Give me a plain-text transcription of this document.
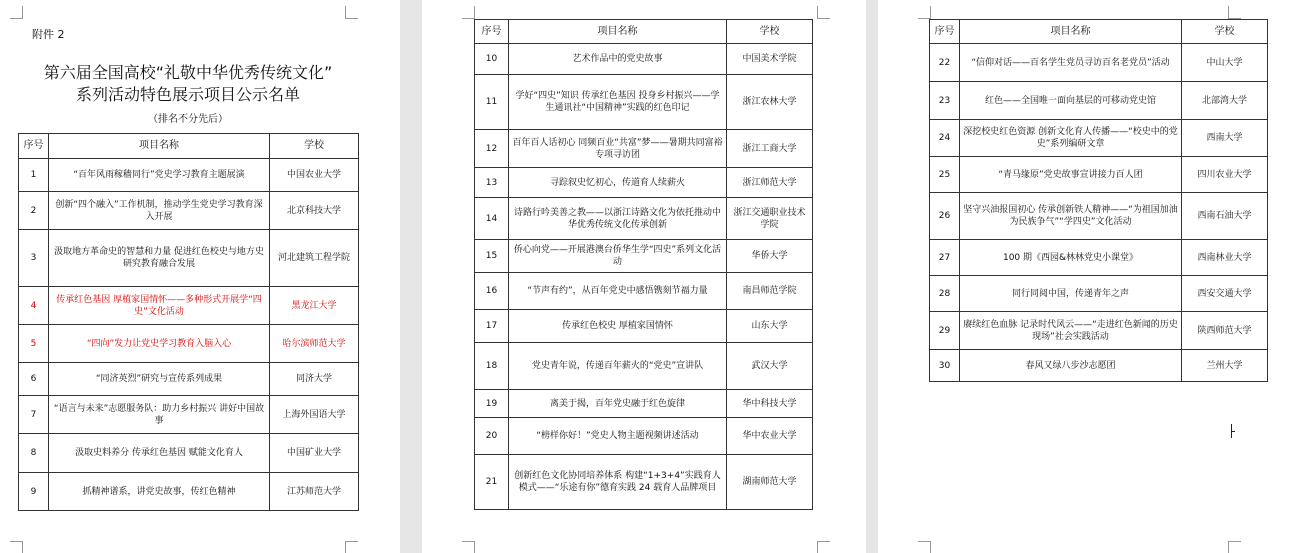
附件 2
第六届全国高校“礼敬中华优秀传统文化”
系列活动特色展示项目公示名单
（排名不分先后）
序号	项目名称	学校
1	“百年风雨稼穑同行”党史学习教育主题展演	中国农业大学
2	创新“四个融入”工作机制，推动学生党史学习教育深入开展	北京科技大学
3	汲取地方革命史的智慧和力量 促进红色校史与地方史研究教育融合发展	河北建筑工程学院
4	传承红色基因 厚植家国情怀——多种形式开展学“四史”文化活动	黑龙江大学
5	“四向”发力让党史学习教育入脑入心	哈尔滨师范大学
6	“同济英烈”研究与宣传系列成果	同济大学
7	“语言与未来”志愿服务队：助力乡村振兴 讲好中国故事	上海外国语大学
8	汲取史料养分 传承红色基因 赋能文化育人	中国矿业大学
9	抓精神谱系，讲党史故事，传红色精神	江苏师范大学
序号	项目名称	学校
10	艺术作品中的党史故事	中国美术学院
11	学好“四史”知识 传承红色基因 投身乡村振兴——学生通讯社“中国精神”实践的红色印记	浙江农林大学
12	百年百人话初心 同频百业“共富”梦——暑期共同富裕专项寻访团	浙江工商大学
13	寻踪叙史忆初心，传道育人续薪火	浙江师范大学
14	诗路行吟美善之教——以浙江诗路文化为依托推动中华优秀传统文化传承创新	浙江交通职业技术学院
15	侨心向党——开展港澳台侨华生学“四史”系列文化活动	华侨大学
16	“节声有约”，从百年党史中感悟镌刻节福力量	南昌师范学院
17	传承红色校史 厚植家国情怀	山东大学
18	党史青年说，传递百年薪火的“党史”宣讲队	武汉大学
19	离美于揭，百年党史融于红色旋律	华中科技大学
20	“榜样你好！”党史人物主题视频讲述活动	华中农业大学
21	创新红色文化协同培养体系 构建“1+3+4”实践育人模式——“乐途有你”德育实践 24 载育人品牌项目	湖南师范大学
序号	项目名称	学校
22	“信仰对话——百名学生党员寻访百名老党员”活动	中山大学
23	红色——全国唯一面向基层的可移动党史馆	北部湾大学
24	深挖校史红色资源 创新文化育人传播——“校史中的党史”系列编研文章	西南大学
25	“青马缘原”党史故事宣讲接力百人团	四川农业大学
26	坚守兴油报国初心 传承创新铁人精神——“为祖国加油 为民族争气”“学四史”文化活动	西南石油大学
27	100 期《西园&林林党史小课堂》	西南林业大学
28	同行同阅中国，传递青年之声	西安交通大学
29	赓续红色血脉 记录时代风云——“走进红色新闻的历史现场”社会实践活动	陕西师范大学
30	春风又绿八步沙志愿团	兰州大学
